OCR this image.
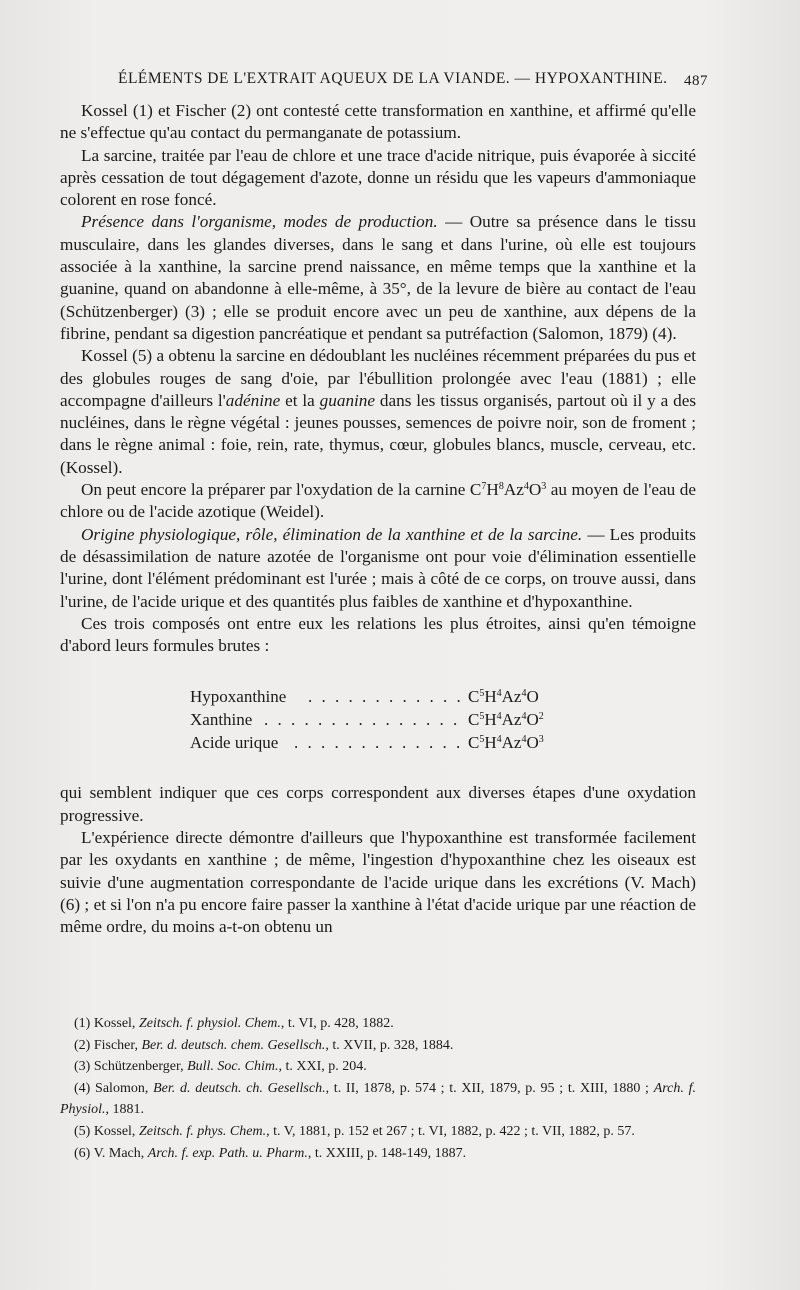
ÉLÉMENTS DE L'EXTRAIT AQUEUX DE LA VIANDE. — HYPOXANTHINE. 487

Kossel (1) et Fischer (2) ont contesté cette transformation en xanthine, et affirmé qu'elle ne s'effectue qu'au contact du permanganate de potassium.

La sarcine, traitée par l'eau de chlore et une trace d'acide nitrique, puis évaporée à siccité après cessation de tout dégagement d'azote, donne un résidu que les vapeurs d'ammoniaque colorent en rose foncé.

Présence dans l'organisme, modes de production. — Outre sa présence dans le tissu musculaire, dans les glandes diverses, dans le sang et dans l'urine, où elle est toujours associée à la xanthine, la sarcine prend naissance, en même temps que la xanthine et la guanine, quand on abandonne à elle-même, à 35°, de la levure de bière au contact de l'eau (Schützenberger) (3) ; elle se produit encore avec un peu de xanthine, aux dépens de la fibrine, pendant sa digestion pancréatique et pendant sa putréfaction (Salomon, 1879) (4).

Kossel (5) a obtenu la sarcine en dédoublant les nucléines récemment préparées du pus et des globules rouges de sang d'oie, par l'ébullition prolongée avec l'eau (1881) ; elle accompagne d'ailleurs l'adénine et la guanine dans les tissus organisés, partout où il y a des nucléines, dans le règne végétal : jeunes pousses, semences de poivre noir, son de froment ; dans le règne animal : foie, rein, rate, thymus, cœur, globules blancs, muscle, cerveau, etc. (Kossel).

On peut encore la préparer par l'oxydation de la carnine $C^7H^8Az^4O^3$ au moyen de l'eau de chlore ou de l'acide azotique (Weidel).

Origine physiologique, rôle, élimination de la xanthine et de la sarcine. — Les produits de désassimilation de nature azotée de l'organisme ont pour voie d'élimination essentielle l'urine, dont l'élément prédominant est l'urée ; mais à côté de ce corps, on trouve aussi, dans l'urine, de l'acide urique et des quantités plus faibles de xanthine et d'hypoxanthine.

Ces trois composés ont entre eux les relations les plus étroites, ainsi qu'en témoigne d'abord leurs formules brutes :

Hypoxanthine . . . . . . . . . . . . $C^5H^4Az^4O$
Xanthine . . . . . . . . . . . . . . . $C^5H^4Az^4O^2$
Acide urique . . . . . . . . . . . . . $C^5H^4Az^4O^3$

qui semblent indiquer que ces corps correspondent aux diverses étapes d'une oxydation progressive.

L'expérience directe démontre d'ailleurs que l'hypoxanthine est transformée facilement par les oxydants en xanthine ; de même, l'ingestion d'hypoxanthine chez les oiseaux est suivie d'une augmentation correspondante de l'acide urique dans les excrétions (V. Mach) (6) ; et si l'on n'a pu encore faire passer la xanthine à l'état d'acide urique par une réaction de même ordre, du moins a-t-on obtenu un

(1) Kossel, Zeitsch. f. physiol. Chem., t. VI, p. 428, 1882.

(2) Fischer, Ber. d. deutsch. chem. Gesellsch., t. XVII, p. 328, 1884.

(3) Schützenberger, Bull. Soc. Chim., t. XXI, p. 204.

(4) Salomon, Ber. d. deutsch. ch. Gesellsch., t. II, 1878, p. 574 ; t. XII, 1879, p. 95 ; t. XIII, 1880 ; Arch. f. Physiol., 1881.

(5) Kossel, Zeitsch. f. phys. Chem., t. V, 1881, p. 152 et 267 ; t. VI, 1882, p. 422 ; t. VII, 1882, p. 57.

(6) V. Mach, Arch. f. exp. Path. u. Pharm., t. XXIII, p. 148-149, 1887.
